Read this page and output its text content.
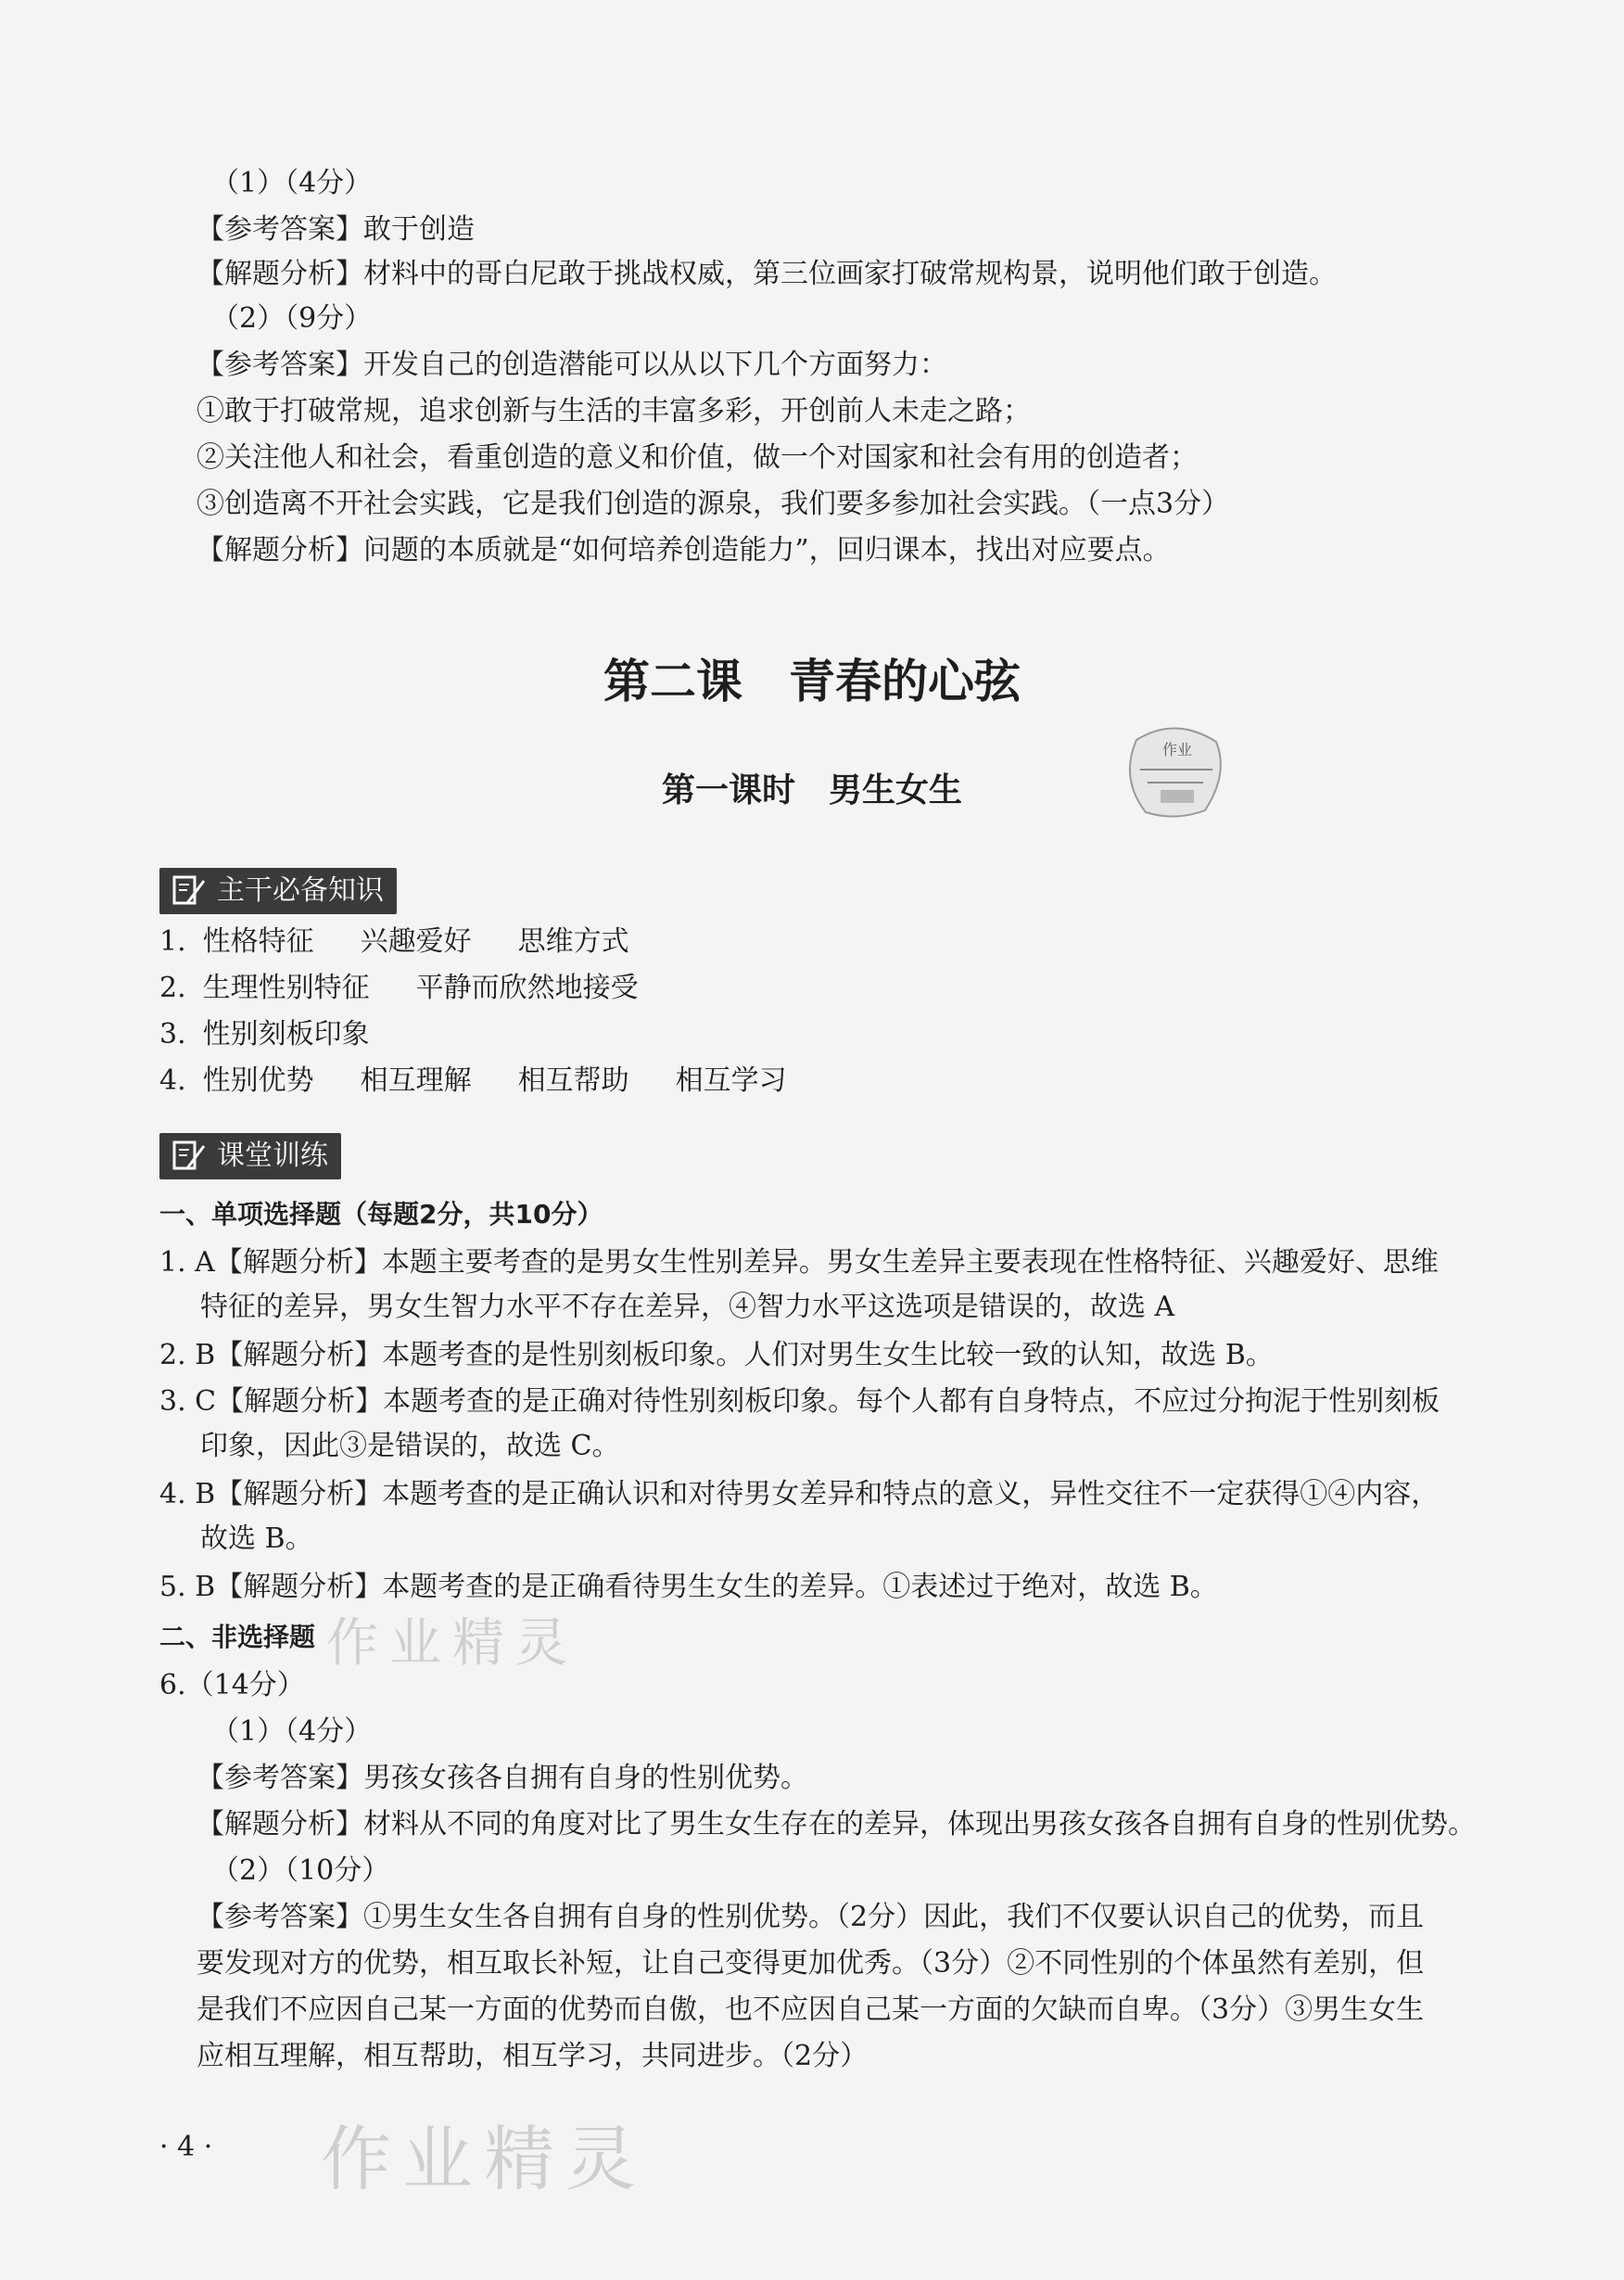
（1）（4分）
【参考答案】敢于创造
【解题分析】材料中的哥白尼敢于挑战权威，第三位画家打破常规构景，说明他们敢于创造。
（2）（9分）
【参考答案】开发自己的创造潜能可以从以下几个方面努力：
①敢于打破常规，追求创新与生活的丰富多彩，开创前人未走之路；
②关注他人和社会，看重创造的意义和价值，做一个对国家和社会有用的创造者；
③创造离不开社会实践，它是我们创造的源泉，我们要多参加社会实践。（一点3分）
【解题分析】问题的本质就是“如何培养创造能力”，回归课本，找出对应要点。
第二课　青春的心弦
第一课时　男生女生
作业
主干必备知识
1. 性格特征 兴趣爱好 思维方式
2. 生理性别特征 平静而欣然地接受
3. 性别刻板印象
4. 性别优势 相互理解 相互帮助 相互学习
课堂训练
一、单项选择题（每题2分，共10分）
1. A【解题分析】本题主要考查的是男女生性别差异。男女生差异主要表现在性格特征、兴趣爱好、思维
特征的差异，男女生智力水平不存在差异，④智力水平这选项是错误的，故选 A
2. B【解题分析】本题考查的是性别刻板印象。人们对男生女生比较一致的认知，故选 B。
3. C【解题分析】本题考查的是正确对待性别刻板印象。每个人都有自身特点，不应过分拘泥于性别刻板
印象，因此③是错误的，故选 C。
4. B【解题分析】本题考查的是正确认识和对待男女差异和特点的意义，异性交往不一定获得①④内容，
故选 B。
5. B【解题分析】本题考查的是正确看待男生女生的差异。①表述过于绝对，故选 B。
二、非选择题
6.（14分）
（1）（4分）
【参考答案】男孩女孩各自拥有自身的性别优势。
【解题分析】材料从不同的角度对比了男生女生存在的差异，体现出男孩女孩各自拥有自身的性别优势。
（2）（10分）
【参考答案】①男生女生各自拥有自身的性别优势。（2分）因此，我们不仅要认识自己的优势，而且
要发现对方的优势，相互取长补短，让自己变得更加优秀。（3分）②不同性别的个体虽然有差别，但
是我们不应因自己某一方面的优势而自傲，也不应因自己某一方面的欠缺而自卑。（3分）③男生女生
应相互理解，相互帮助，相互学习，共同进步。（2分）
作业精灵
作业精灵
· 4 ·
